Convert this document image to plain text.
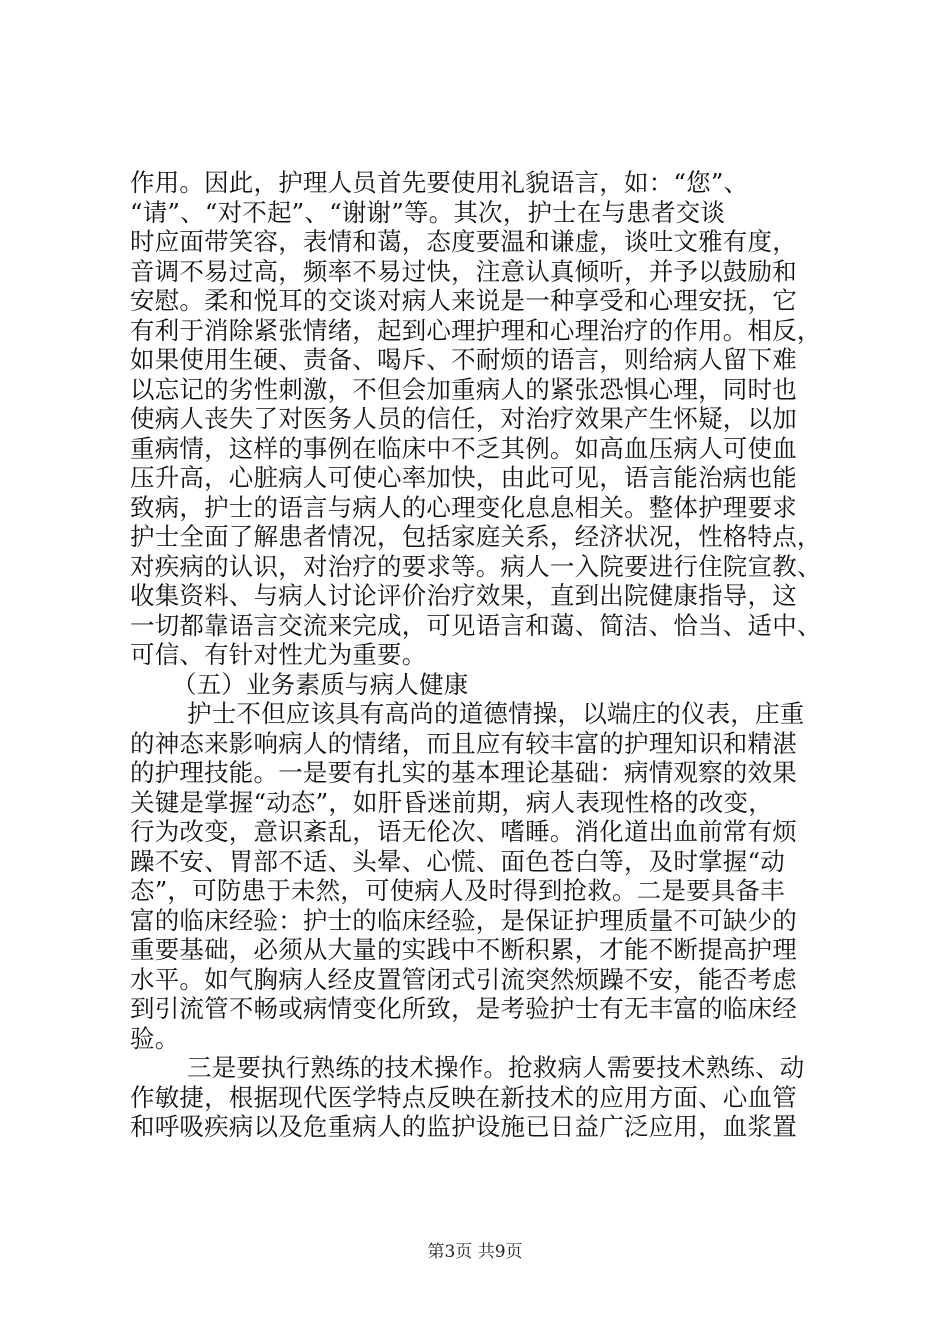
作用。因此，护理人员首先要使用礼貌语言，如：“您”、
“请”、“对不起”、“谢谢”等。其次，护士在与患者交谈
时应面带笑容，表情和蔼，态度要温和谦虚，谈吐文雅有度，
音调不易过高，频率不易过快，注意认真倾听，并予以鼓励和
安慰。柔和悦耳的交谈对病人来说是一种享受和心理安抚，它
有利于消除紧张情绪，起到心理护理和心理治疗的作用。相反，
如果使用生硬、责备、喝斥、不耐烦的语言，则给病人留下难
以忘记的劣性刺激，不但会加重病人的紧张恐惧心理，同时也
使病人丧失了对医务人员的信任，对治疗效果产生怀疑，以加
重病情，这样的事例在临床中不乏其例。如高血压病人可使血
压升高，心脏病人可使心率加快，由此可见，语言能治病也能
致病，护士的语言与病人的心理变化息息相关。整体护理要求
护士全面了解患者情况，包括家庭关系，经济状况，性格特点，
对疾病的认识，对治疗的要求等。病人一入院要进行住院宣教、
收集资料、与病人讨论评价治疗效果，直到出院健康指导，这
一切都靠语言交流来完成，可见语言和蔼、简洁、恰当、适中、
可信、有针对性尤为重要。
（五）业务素质与病人健康
护士不但应该具有高尚的道德情操，以端庄的仪表，庄重
的神态来影响病人的情绪，而且应有较丰富的护理知识和精湛
的护理技能。一是要有扎实的基本理论基础：病情观察的效果
关键是掌握“动态”，如肝昏迷前期，病人表现性格的改变，
行为改变，意识紊乱，语无伦次、嗜睡。消化道出血前常有烦
躁不安、胃部不适、头晕、心慌、面色苍白等，及时掌握“动
态”，可防患于未然，可使病人及时得到抢救。二是要具备丰
富的临床经验：护士的临床经验，是保证护理质量不可缺少的
重要基础，必须从大量的实践中不断积累，才能不断提高护理
水平。如气胸病人经皮置管闭式引流突然烦躁不安，能否考虑
到引流管不畅或病情变化所致，是考验护士有无丰富的临床经
验。
三是要执行熟练的技术操作。抢救病人需要技术熟练、动
作敏捷，根据现代医学特点反映在新技术的应用方面、心血管
和呼吸疾病以及危重病人的监护设施已日益广泛应用，血浆置
第3页 共9页
